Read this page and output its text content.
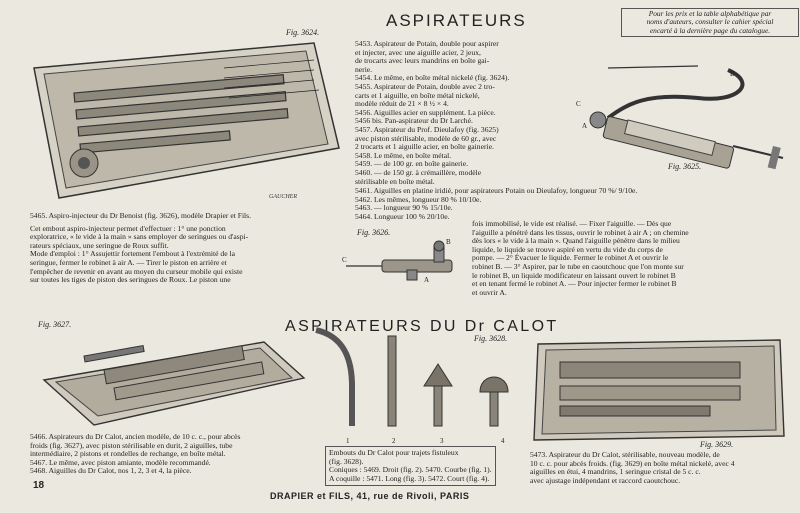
ASPIRATEURS
ASPIRATEURS DU Dr CALOT
Pour les prix et la table alphabétique par
noms d'auteurs, consulter le cahier spécial
encarté à la dernière page du catalogue.
Fig. 3624.
GAUCHER
5453. Aspirateur de Potain, double pour aspirer
et injecter, avec une aiguille acier, 2 jeux,
de trocarts avec leurs mandrins en boîte gai-
nerie.
5454. Le même, en boîte métal nickelé (fig. 3624).
5455. Aspirateur de Potain, double avec 2 tro-
carts et 1 aiguille, en boîte métal nickelé,
modèle réduit de 21 × 8 ½ × 4.
5456. Aiguilles acier en supplément. La pièce.
5456 bis. Pan-aspirateur du Dr Larché.
5457. Aspirateur du Prof. Dieulafoy (fig. 3625)
avec piston stérilisable, modèle de 60 gr., avec
2 trocarts et 1 aiguille acier, en boîte gainerie.
5458. Le même, en boîte métal.
5459. — de 100 gr. en boîte gainerie.
5460. — de 150 gr. à crémaillère, modèle
stérilisable en boîte métal.
B
C
A
Fig. 3625.
5461. Aiguilles en platine iridié, pour aspirateurs Potain ou Dieulafoy, longueur 70 %/ 9/10e.
5462. Les mêmes, longueur 80 % 10/10e.
5463. — longueur 90 % 15/10e.
5464. Longueur 100 % 20/10e.
5465. Aspiro-injecteur du Dr Benoist (fig. 3626), modèle Drapier et Fils.
Cet embout aspiro-injecteur permet d'effectuer : 1° une ponction
exploratrice, « le vide à la main » sans employer de seringues ou d'aspi-
rateurs spéciaux, une seringue de Roux suffit.
Mode d'emploi : 1° Assujettir fortement l'embout à l'extrémité de la
seringue, fermer le robinet à air A. — Tirer le piston en arrière et
l'empêcher de revenir en avant au moyen du curseur mobile qui existe
sur toutes les tiges de piston des seringues de Roux. Le piston une
Fig. 3626.
C
B
A
fois immobilisé, le vide est réalisé. — Fixer l'aiguille. — Dès que
l'aiguille a pénétré dans les tissus, ouvrir le robinet à air A ; on chemine
dès lors « le vide à la main ». Quand l'aiguille pénètre dans le milieu
liquide, le liquide se trouve aspiré en vertu du vide du corps de
pompe. — 2° Évacuer le liquide. Fermer le robinet A et ouvrir le
robinet B. — 3° Aspirer, par le tube en caoutchouc que l'on monte sur
le robinet B, un liquide modificateur en laissant ouvert le robinet B
et en tenant fermé le robinet A. — Pour injecter fermer le robinet B
et ouvrir A.
Fig. 3627.
Fig. 3628.
1	2	3	4	Fig. 3629.
5466. Aspirateurs du Dr Calot, ancien modèle, de 10 c. c., pour abcès
froids (fig. 3627), avec piston stérilisable en durit, 2 aiguilles, tube
intermédiaire, 2 pistons et rondelles de rechange, en boîte métal.
5467. Le même, avec piston amiante, modèle recommandé.
5468. Aiguilles du Dr Calot, nos 1, 2, 3 et 4, la pièce.
Embouts du Dr Calot pour trajets fistuleux
(fig. 3628).
Coniques : 5469. Droit (fig. 2). 5470. Courbe (fig. 1).
A coquille : 5471. Long (fig. 3). 5472. Court (fig. 4).
5473. Aspirateur du Dr Calot, stérilisable, nouveau modèle, de
10 c. c. pour abcès froids. (fig. 3629) en boîte métal nickelé, avec 4
aiguilles en étui, 4 mandrins, 1 seringue cristal de 5 c. c.
avec ajustage indépendant et raccord caoutchouc.
18
DRAPIER et FILS, 41, rue de Rivoli, PARIS
